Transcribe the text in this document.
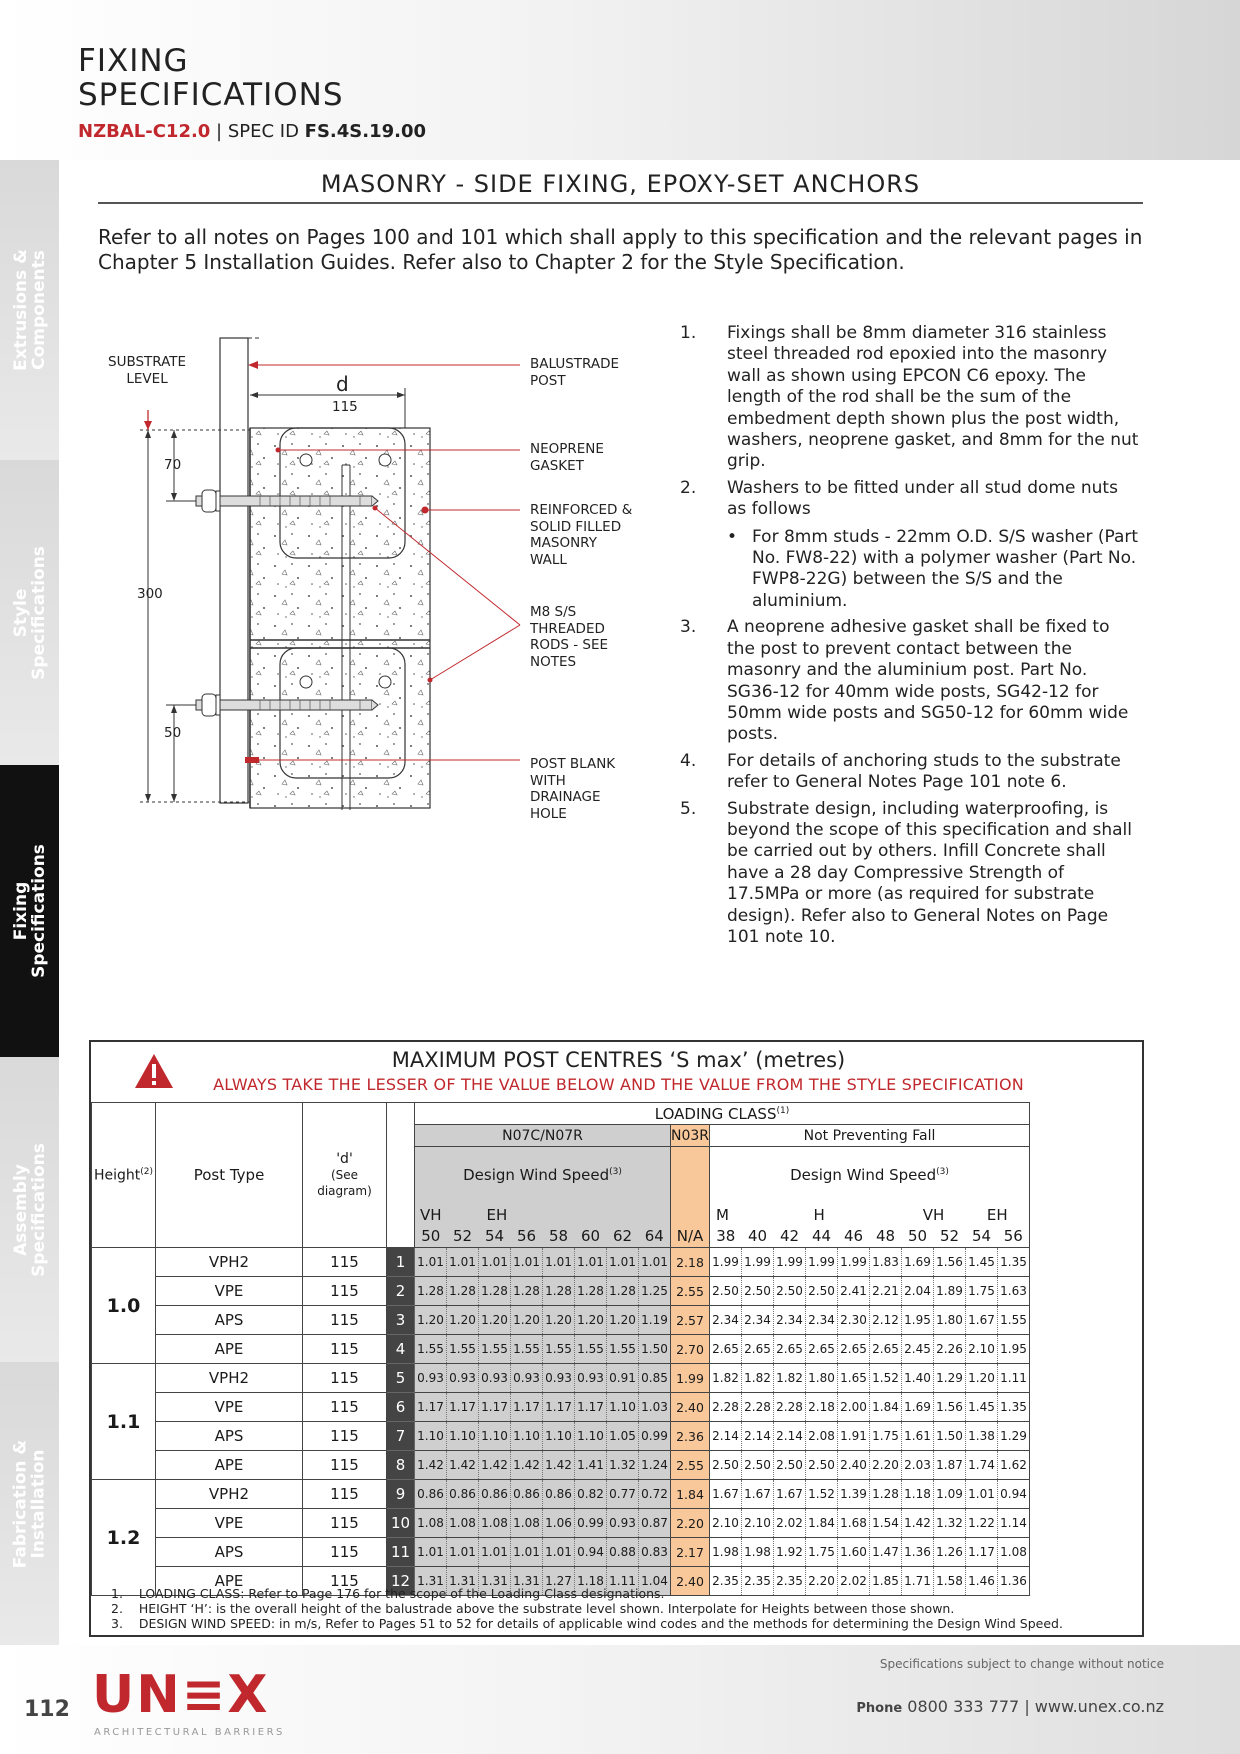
FIXING
SPECIFICATIONS
NZBAL-C12.0 | SPEC ID FS.4S.19.00
Extrusions &
Components
Style
Specifications
Fixing
Specifications
Assembly
Specifications
Fabrication &
Installation
MASONRY - SIDE FIXING, EPOXY-SET ANCHORS
Refer to all notes on Pages 100 and 101 which shall apply to this specification and the relevant pages in Chapter 5 Installation Guides. Refer also to Chapter 2 for the Style Specification.
SUBSTRATE
LEVEL
BALUSTRADE
POST
d
115
NEOPRENE
GASKET
REINFORCED &
SOLID FILLED
MASONRY
WALL
M8 S/S
THREADED
RODS - SEE
NOTES
POST BLANK
WITH
DRAINAGE
HOLE
70
300
50
1. Fixings shall be 8mm diameter 316 stainless steel threaded rod epoxied into the masonry wall as shown using EPCON C6 epoxy. The length of the rod shall be the sum of the embedment depth shown plus the post width, washers, neoprene gasket, and 8mm for the nut grip.
2. Washers to be fitted under all stud dome nuts as follows
• For 8mm studs - 22mm O.D. S/S washer (Part No. FW8-22) with a polymer washer (Part No. FWP8-22G) between the S/S and the aluminium.
3. A neoprene adhesive gasket shall be fixed to the post to prevent contact between the masonry and the aluminium post. Part No. SG36-12 for 40mm wide posts, SG42-12 for 50mm wide posts and SG50-12 for 60mm wide posts.
4. For details of anchoring studs to the substrate refer to General Notes Page 101 note 6.
5. Substrate design, including waterproofing, is beyond the scope of this specification and shall be carried out by others. Infill Concrete shall have a 28 day Compressive Strength of 17.5MPa or more (as required for substrate design). Refer also to General Notes on Page 101 note 10.
MAXIMUM POST CENTRES ‘S max’ (metres)
ALWAYS TAKE THE LESSER OF THE VALUE BELOW AND THE VALUE FROM THE STYLE SPECIFICATION
Height$^{(2)}$	Post Type	'd'
(See diagram)		LOADING CLASS$^{(1)}$
				N07C/N07R								N03R	Not Preventing Fall									
				Design Wind Speed$^{(3)}$									Design Wind Speed$^{(3)}$
				VH	EH								M			H			VH		EH	
				50	52	54	56	58	60	62	64	N/A	38	40	42	44	46	48	50	52	54	56
1.0	VPH2	115	1	1.01	1.01	1.01	1.01	1.01	1.01	1.01	1.01	2.18	1.99	1.99	1.99	1.99	1.99	1.83	1.69	1.56	1.45	1.35
	VPE	115	2	1.28	1.28	1.28	1.28	1.28	1.28	1.28	1.25	2.55	2.50	2.50	2.50	2.50	2.41	2.21	2.04	1.89	1.75	1.63
	APS	115	3	1.20	1.20	1.20	1.20	1.20	1.20	1.20	1.19	2.57	2.34	2.34	2.34	2.34	2.30	2.12	1.95	1.80	1.67	1.55
	APE	115	4	1.55	1.55	1.55	1.55	1.55	1.55	1.55	1.50	2.70	2.65	2.65	2.65	2.65	2.65	2.65	2.45	2.26	2.10	1.95
1.1	VPH2	115	5	0.93	0.93	0.93	0.93	0.93	0.93	0.91	0.85	1.99	1.82	1.82	1.82	1.80	1.65	1.52	1.40	1.29	1.20	1.11
	VPE	115	6	1.17	1.17	1.17	1.17	1.17	1.17	1.10	1.03	2.40	2.28	2.28	2.28	2.18	2.00	1.84	1.69	1.56	1.45	1.35
	APS	115	7	1.10	1.10	1.10	1.10	1.10	1.10	1.05	0.99	2.36	2.14	2.14	2.14	2.08	1.91	1.75	1.61	1.50	1.38	1.29
	APE	115	8	1.42	1.42	1.42	1.42	1.42	1.41	1.32	1.24	2.55	2.50	2.50	2.50	2.50	2.40	2.20	2.03	1.87	1.74	1.62
1.2	VPH2	115	9	0.86	0.86	0.86	0.86	0.86	0.82	0.77	0.72	1.84	1.67	1.67	1.67	1.52	1.39	1.28	1.18	1.09	1.01	0.94
	VPE	115	10	1.08	1.08	1.08	1.08	1.06	0.99	0.93	0.87	2.20	2.10	2.10	2.02	1.84	1.68	1.54	1.42	1.32	1.22	1.14
	APS	115	11	1.01	1.01	1.01	1.01	1.01	0.94	0.88	0.83	2.17	1.98	1.98	1.92	1.75	1.60	1.47	1.36	1.26	1.17	1.08
	APE	115	12	1.31	1.31	1.31	1.31	1.27	1.18	1.11	1.04	2.40	2.35	2.35	2.35	2.20	2.02	1.85	1.71	1.58	1.46	1.36
1.    LOADING CLASS: Refer to Page 176 for the scope of the Loading Class designations.
2.    HEIGHT ‘H’: is the overall height of the balustrade above the substrate level shown. Interpolate for Heights between those shown.
3.    DESIGN WIND SPEED: in m/s, Refer to Pages 51 to 52 for details of applicable wind codes and the methods for determining the Design Wind Speed.
112 UN≡X
ARCHITECTURAL BARRIERS
Specifications subject to change without notice
Phone 0800 333 777 | www.unex.co.nz
